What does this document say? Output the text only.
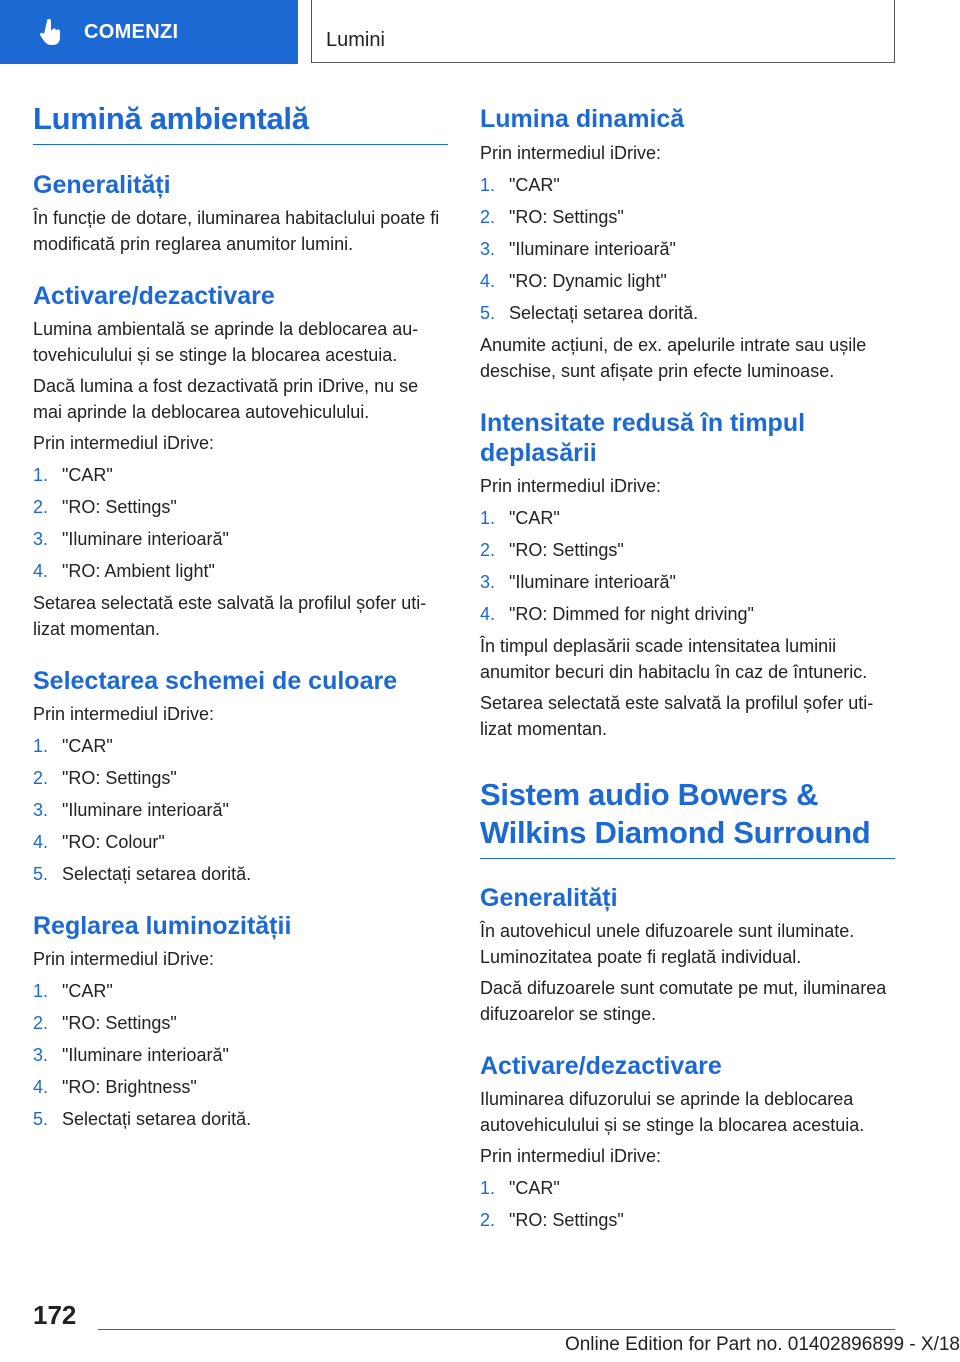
COMENZI	Lumini
Lumină ambientală
Generalități

În funcție de dotare, iluminarea habitaclului poate fi modificată prin reglarea anumitor lumini.

Activare/dezactivare

Lumina ambientală se aprinde la deblocarea autovehiculului și se stinge la blocarea acestuia.

Dacă lumina a fost dezactivată prin iDrive, nu se mai aprinde la deblocarea autovehiculului.

Prin intermediul iDrive:

1. "CAR"
2. "RO: Settings"
3. "Iluminare interioară"
4. "RO: Ambient light"

Setarea selectată este salvată la profilul șofer utilizat momentan.

Selectarea schemei de culoare

Prin intermediul iDrive:

1. "CAR"
2. "RO: Settings"
3. "Iluminare interioară"
4. "RO: Colour"
5. Selectați setarea dorită.
Reglarea luminozității

Prin intermediul iDrive:

1. "CAR"
2. "RO: Settings"
3. "Iluminare interioară"
4. "RO: Brightness"
5. Selectați setarea dorită.
Lumina dinamică

Prin intermediul iDrive:

1. "CAR"
2. "RO: Settings"
3. "Iluminare interioară"
4. "RO: Dynamic light"
5. Selectați setarea dorită.

Anumite acțiuni, de ex. apelurile intrate sau ușile deschise, sunt afișate prin efecte luminoase.

Intensitate redusă în timpul deplasării

Prin intermediul iDrive:

1. "CAR"
2. "RO: Settings"
3. "Iluminare interioară"
4. "RO: Dimmed for night driving"

În timpul deplasării scade intensitatea luminii anumitor becuri din habitaclu în caz de întuneric.

Setarea selectată este salvată la profilul șofer utilizat momentan.

Sistem audio Bowers & Wilkins Diamond Surround
Generalități

În autovehicul unele difuzoarele sunt iluminate. Luminozitatea poate fi reglată individual.

Dacă difuzoarele sunt comutate pe mut, iluminarea difuzoarelor se stinge.

Activare/dezactivare

Iluminarea difuzorului se aprinde la deblocarea autovehiculului și se stinge la blocarea acestuia.

Prin intermediul iDrive:

1. "CAR"
2. "RO: Settings"
172
Online Edition for Part no. 01402896899 - X/18
